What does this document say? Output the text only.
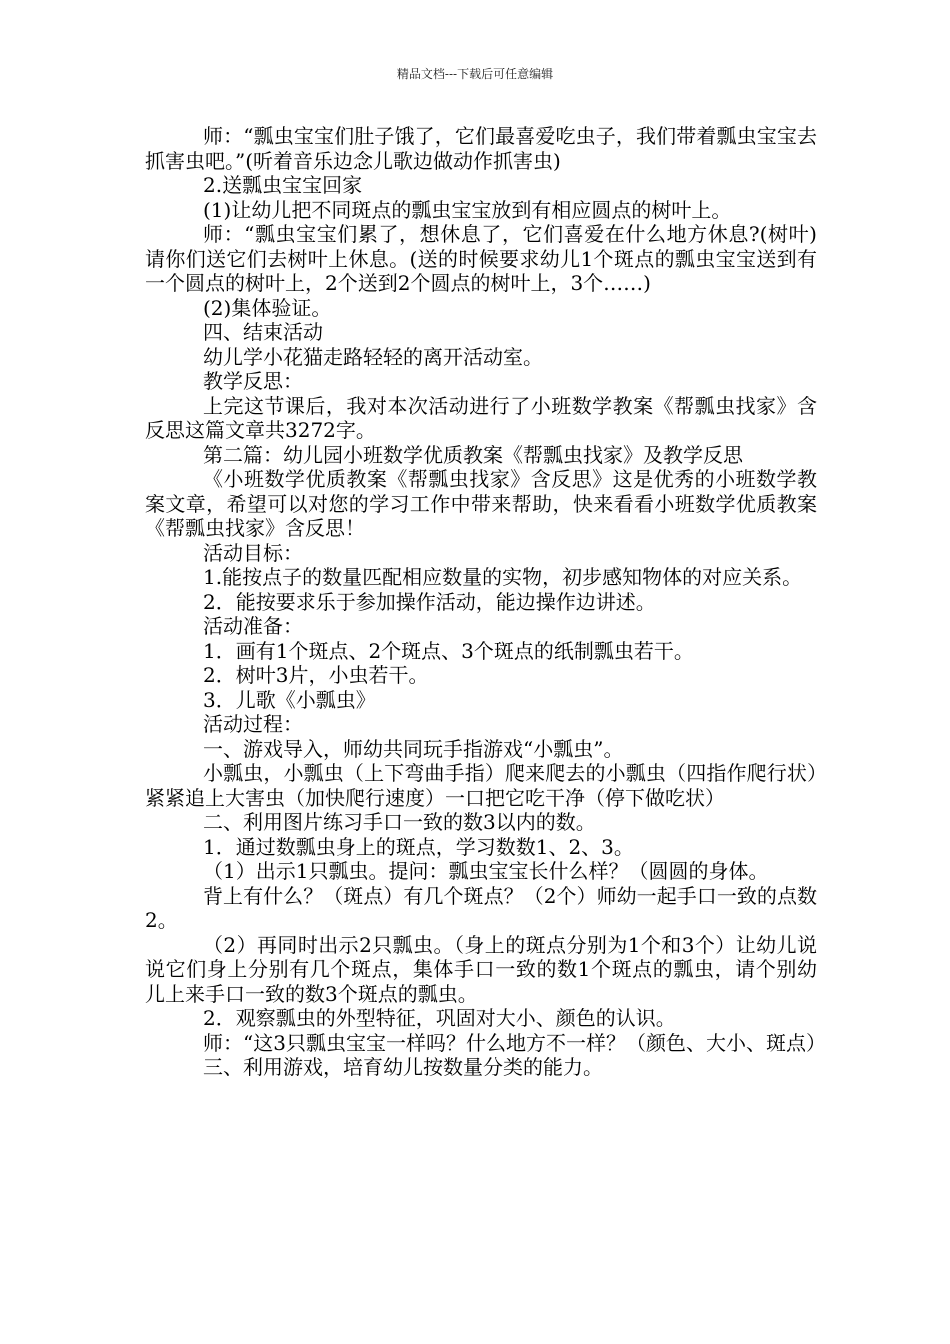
精品文档---下载后可任意编辑

师：“瓢虫宝宝们肚子饿了，它们最喜爱吃虫子，我们带着瓢虫宝宝去抓害虫吧。”(听着音乐边念儿歌边做动作抓害虫)

2.送瓢虫宝宝回家

(1)让幼儿把不同斑点的瓢虫宝宝放到有相应圆点的树叶上。

师：“瓢虫宝宝们累了，想休息了，它们喜爱在什么地方休息?(树叶)请你们送它们去树叶上休息。(送的时候要求幼儿1个斑点的瓢虫宝宝送到有一个圆点的树叶上，2个送到2个圆点的树叶上，3个……)

(2)集体验证。

四、结束活动

幼儿学小花猫走路轻轻的离开活动室。

教学反思：

上完这节课后，我对本次活动进行了小班数学教案《帮瓢虫找家》含反思这篇文章共3272字。

第二篇：幼儿园小班数学优质教案《帮瓢虫找家》及教学反思

《小班数学优质教案《帮瓢虫找家》含反思》这是优秀的小班数学教案文章，希望可以对您的学习工作中带来帮助，快来看看小班数学优质教案《帮瓢虫找家》含反思！

活动目标：

1.能按点子的数量匹配相应数量的实物，初步感知物体的对应关系。

2．能按要求乐于参加操作活动，能边操作边讲述。

活动准备：

1．画有1个斑点、2个斑点、3个斑点的纸制瓢虫若干。

2．树叶3片，小虫若干。

3．儿歌《小瓢虫》

活动过程：

一、游戏导入，师幼共同玩手指游戏“小瓢虫”。

小瓢虫，小瓢虫（上下弯曲手指）爬来爬去的小瓢虫（四指作爬行状）紧紧追上大害虫（加快爬行速度）一口把它吃干净（停下做吃状）

二、利用图片练习手口一致的数3以内的数。

1．通过数瓢虫身上的斑点，学习数数1、2、3。

（1）出示1只瓢虫。提问：瓢虫宝宝长什么样？（圆圆的身体。

背上有什么？（斑点）有几个斑点？（2个）师幼一起手口一致的点数2。

（2）再同时出示2只瓢虫。（身上的斑点分别为1个和3个）让幼儿说说它们身上分别有几个斑点，集体手口一致的数1个斑点的瓢虫，请个别幼儿上来手口一致的数3个斑点的瓢虫。

2．观察瓢虫的外型特征，巩固对大小、颜色的认识。

师：“这3只瓢虫宝宝一样吗？什么地方不一样？（颜色、大小、斑点）

三、利用游戏，培育幼儿按数量分类的能力。
